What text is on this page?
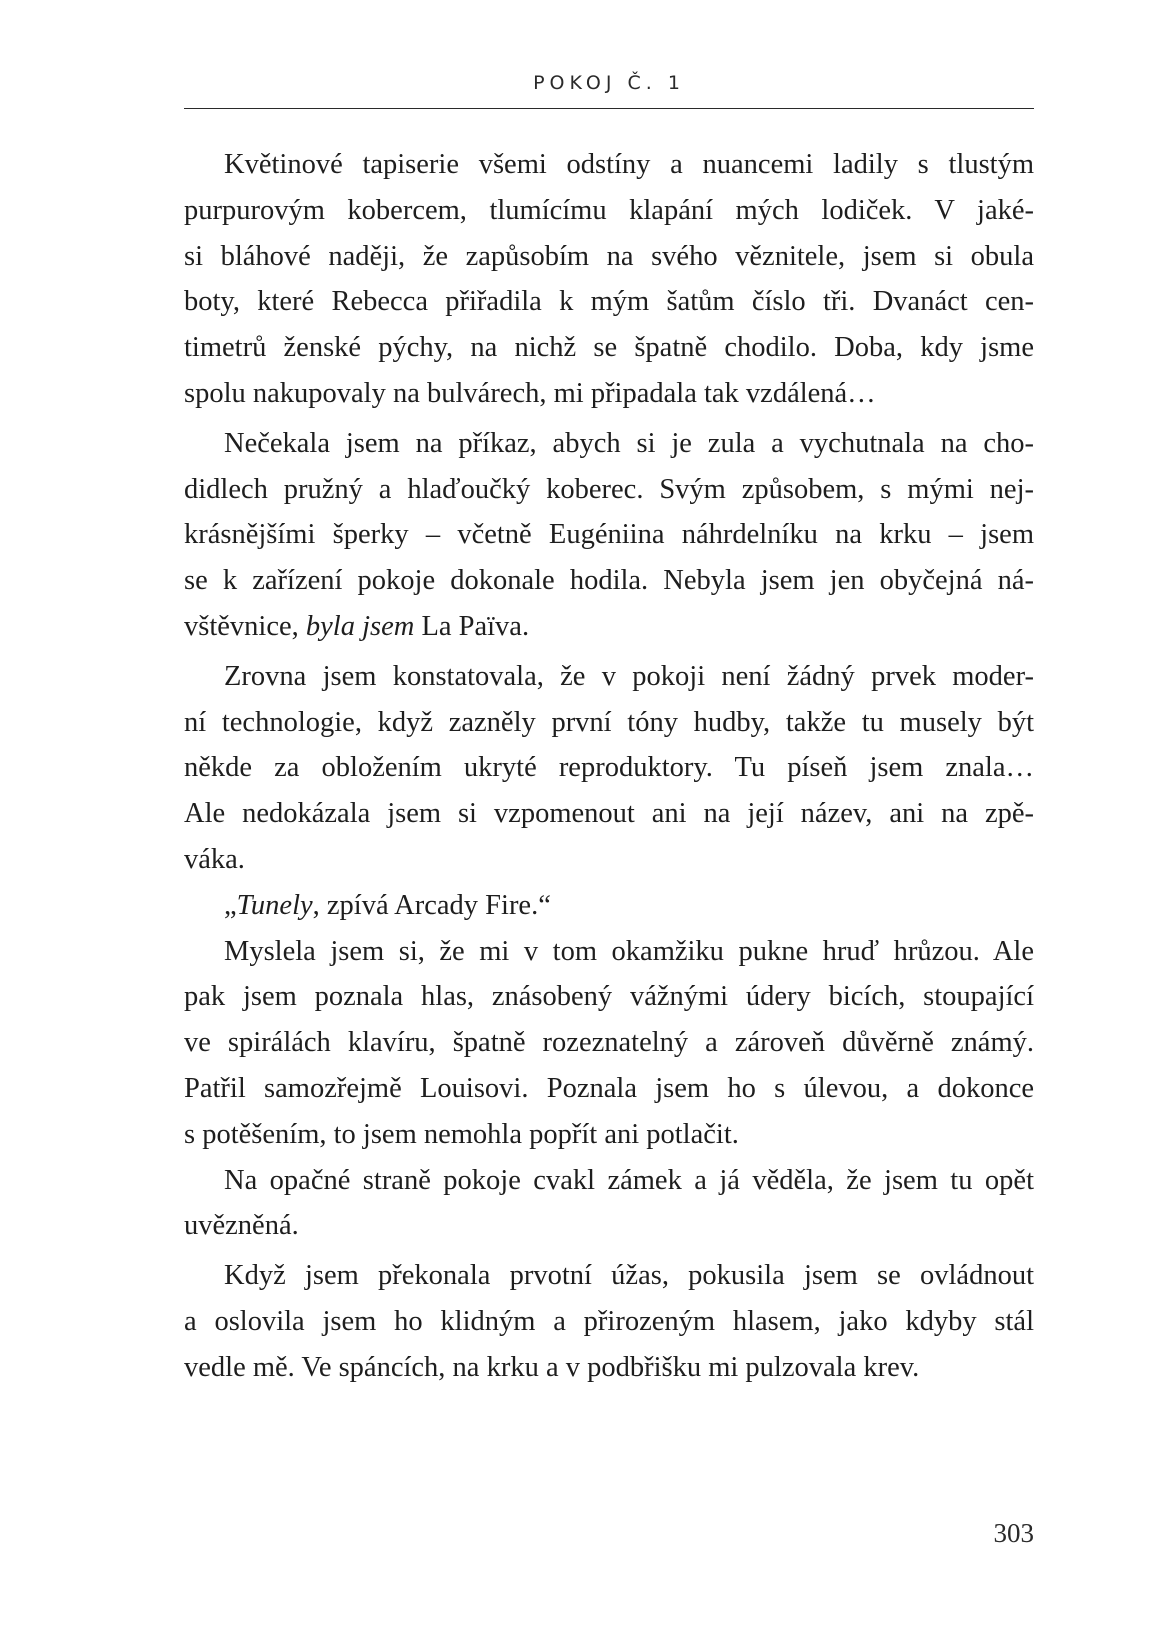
POKOJ Č. 1
Květinové tapiserie všemi odstíny a nuancemi ladily s tlustým
purpurovým kobercem, tlumícímu klapání mých lodiček. V jaké-
si bláhové naději, že zapůsobím na svého věznitele, jsem si obula
boty, které Rebecca přiřadila k mým šatům číslo tři. Dvanáct cen-
timetrů ženské pýchy, na nichž se špatně chodilo. Doba, kdy jsme
spolu nakupovaly na bulvárech, mi připadala tak vzdálená…
Nečekala jsem na příkaz, abych si je zula a vychutnala na cho-
didlech pružný a hlaďoučký koberec. Svým způsobem, s mými nej-
krásnějšími šperky – včetně Eugéniina náhrdelníku na krku – jsem
se k zařízení pokoje dokonale hodila. Nebyla jsem jen obyčejná ná-
vštěvnice, byla jsem La Païva.
Zrovna jsem konstatovala, že v pokoji není žádný prvek moder-
ní technologie, když zazněly první tóny hudby, takže tu musely být
někde za obložením ukryté reproduktory. Tu píseň jsem znala…
Ale nedokázala jsem si vzpomenout ani na její název, ani na zpě-
váka.
„Tunely, zpívá Arcady Fire.“
Myslela jsem si, že mi v tom okamžiku pukne hruď hrůzou. Ale
pak jsem poznala hlas, znásobený vážnými údery bicích, stoupající
ve spirálách klavíru, špatně rozeznatelný a zároveň důvěrně známý.
Patřil samozřejmě Louisovi. Poznala jsem ho s úlevou, a dokonce
s potěšením, to jsem nemohla popřít ani potlačit.
Na opačné straně pokoje cvakl zámek a já věděla, že jsem tu opět
uvězněná.
Když jsem překonala prvotní úžas, pokusila jsem se ovládnout
a oslovila jsem ho klidným a přirozeným hlasem, jako kdyby stál
vedle mě. Ve spáncích, na krku a v podbřišku mi pulzovala krev.
303
